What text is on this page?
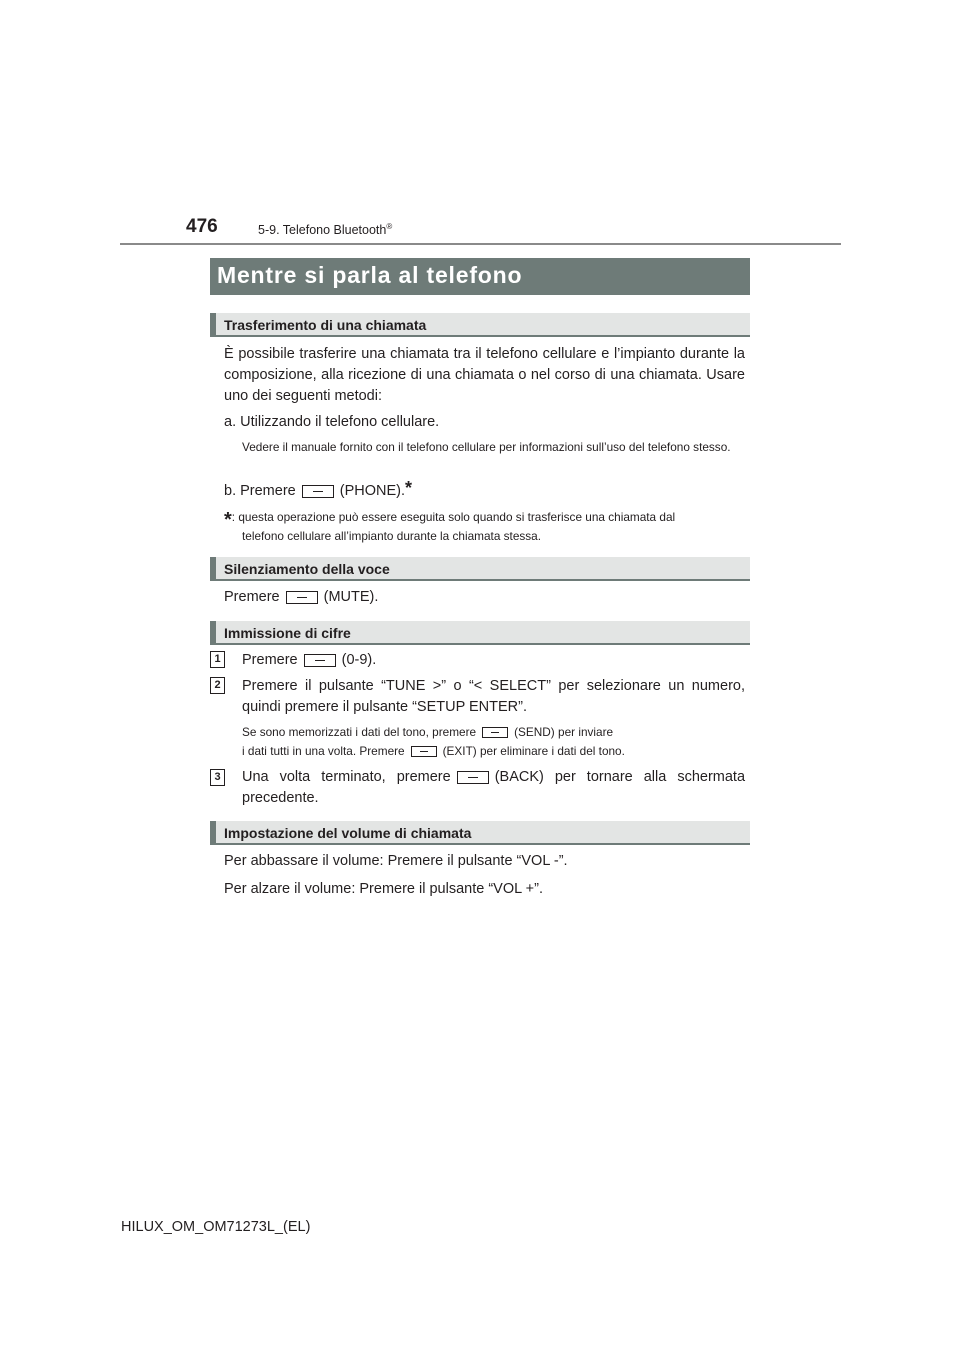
476	5-9. Telefono Bluetooth®
Mentre si parla al telefono
Trasferimento di una chiamata
È possibile trasferire una chiamata tra il telefono cellulare e l’impianto durante la composizione, alla ricezione di una chiamata o nel corso di una chiamata. Usare uno dei seguenti metodi:
a. Utilizzando il telefono cellulare.
Vedere il manuale fornito con il telefono cellulare per informazioni sull’uso del telefono stesso.
b. Premere	(PHONE).*
*: questa operazione può essere eseguita solo quando si trasferisce una chiamata dal
telefono cellulare all’impianto durante la chiamata stessa.
Silenziamento della voce
Premere	(MUTE).
Immissione di cifre
1	Premere	(0-9).
2	Premere il pulsante “TUNE >” o “< SELECT” per selezionare un numero, quindi premere il pulsante “SETUP ENTER”.
Se sono memorizzati i dati del tono, premere	(SEND) per inviare
i dati tutti in una volta. Premere	(EXIT) per eliminare i dati del tono.
3	Una volta terminato, premere	(BACK) per tornare alla schermata precedente.
Impostazione del volume di chiamata
Per abbassare il volume: Premere il pulsante “VOL -”.
Per alzare il volume: Premere il pulsante “VOL +”.
HILUX_OM_OM71273L_(EL)
